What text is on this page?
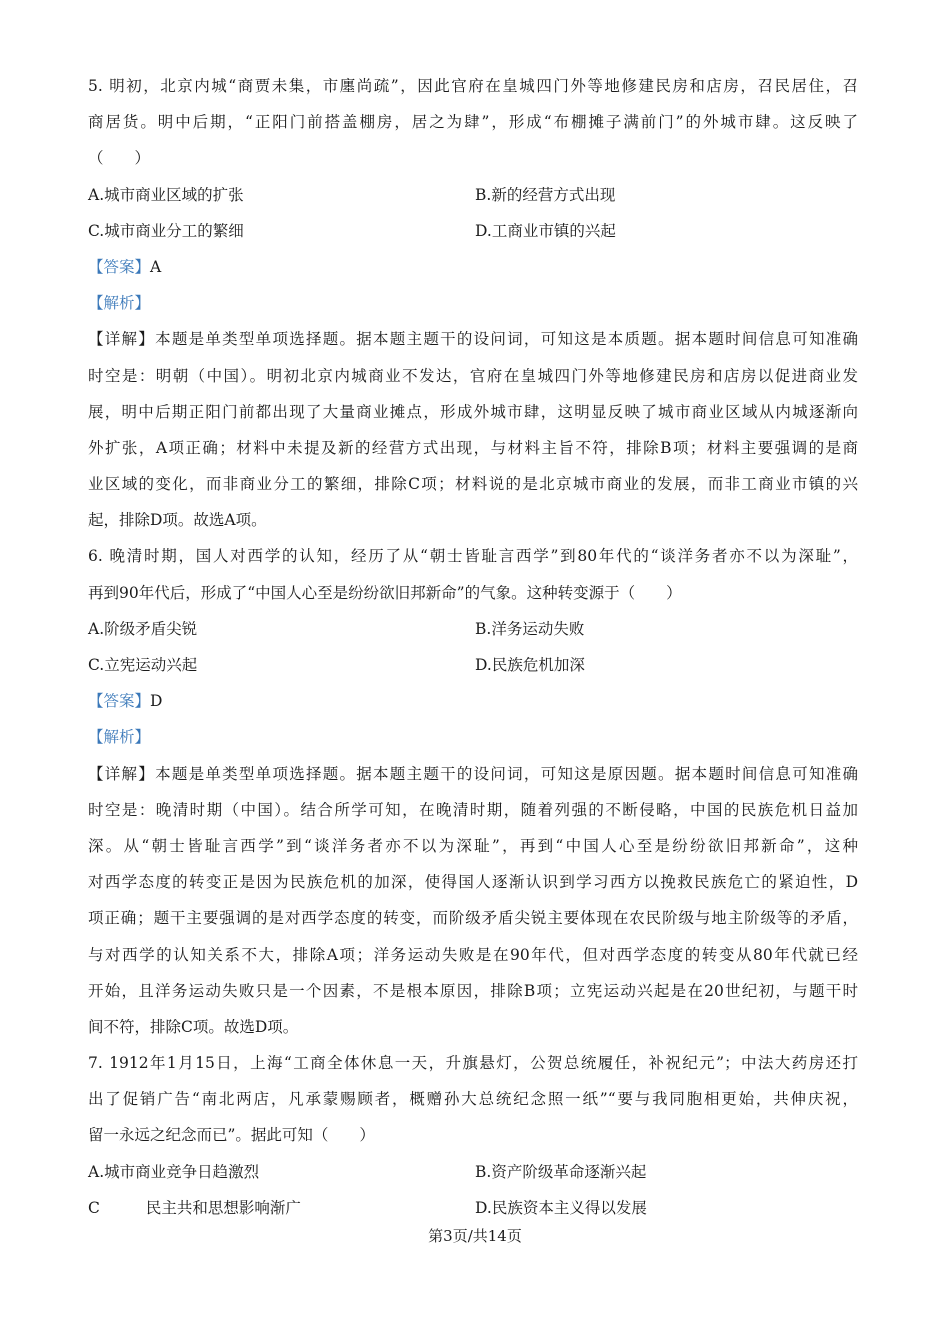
5. 明初，北京内城“商贾未集，市廛尚疏”，因此官府在皇城四门外等地修建民房和店房，召民居住，召
商居货。明中后期，“正阳门前搭盖棚房，居之为肆”，形成“布棚摊子满前门”的外城市肆。这反映了
（　　）
A.城市商业区域的扩张	B.新的经营方式出现
C.城市商业分工的繁细	D.工商业市镇的兴起
【答案】A
【解析】
【详解】本题是单类型单项选择题。据本题主题干的设问词，可知这是本质题。据本题时间信息可知准确
时空是：明朝（中国）。明初北京内城商业不发达，官府在皇城四门外等地修建民房和店房以促进商业发
展，明中后期正阳门前都出现了大量商业摊点，形成外城市肆，这明显反映了城市商业区域从内城逐渐向
外扩张，A项正确；材料中未提及新的经营方式出现，与材料主旨不符，排除B项；材料主要强调的是商
业区域的变化，而非商业分工的繁细，排除C项；材料说的是北京城市商业的发展，而非工商业市镇的兴
起，排除D项。故选A项。
6. 晚清时期，国人对西学的认知，经历了从“朝士皆耻言西学”到80年代的“谈洋务者亦不以为深耻”，
再到90年代后，形成了“中国人心至是纷纷欲旧邦新命”的气象。这种转变源于（　　）
A.阶级矛盾尖锐	B.洋务运动失败
C.立宪运动兴起	D.民族危机加深
【答案】D
【解析】
【详解】本题是单类型单项选择题。据本题主题干的设问词，可知这是原因题。据本题时间信息可知准确
时空是：晚清时期（中国）。结合所学可知，在晚清时期，随着列强的不断侵略，中国的民族危机日益加
深。从“朝士皆耻言西学”到“谈洋务者亦不以为深耻”，再到“中国人心至是纷纷欲旧邦新命”，这种
对西学态度的转变正是因为民族危机的加深，使得国人逐渐认识到学习西方以挽救民族危亡的紧迫性，D
项正确；题干主要强调的是对西学态度的转变，而阶级矛盾尖锐主要体现在农民阶级与地主阶级等的矛盾，
与对西学的认知关系不大，排除A项；洋务运动失败是在90年代，但对西学态度的转变从80年代就已经
开始，且洋务运动失败只是一个因素，不是根本原因，排除B项；立宪运动兴起是在20世纪初，与题干时
间不符，排除C项。故选D项。
7. 1912年1月15日，上海“工商全体休息一天，升旗悬灯，公贺总统履任，补祝纪元”；中法大药房还打
出了促销广告“南北两店，凡承蒙赐顾者，概赠孙大总统纪念照一纸”“要与我同胞相更始，共伸庆祝，
留一永远之纪念而已”。据此可知（　　）
A.城市商业竞争日趋激烈	B.资产阶级革命逐渐兴起
C	民主共和思想影响渐广	D.民族资本主义得以发展
第3页/共14页
